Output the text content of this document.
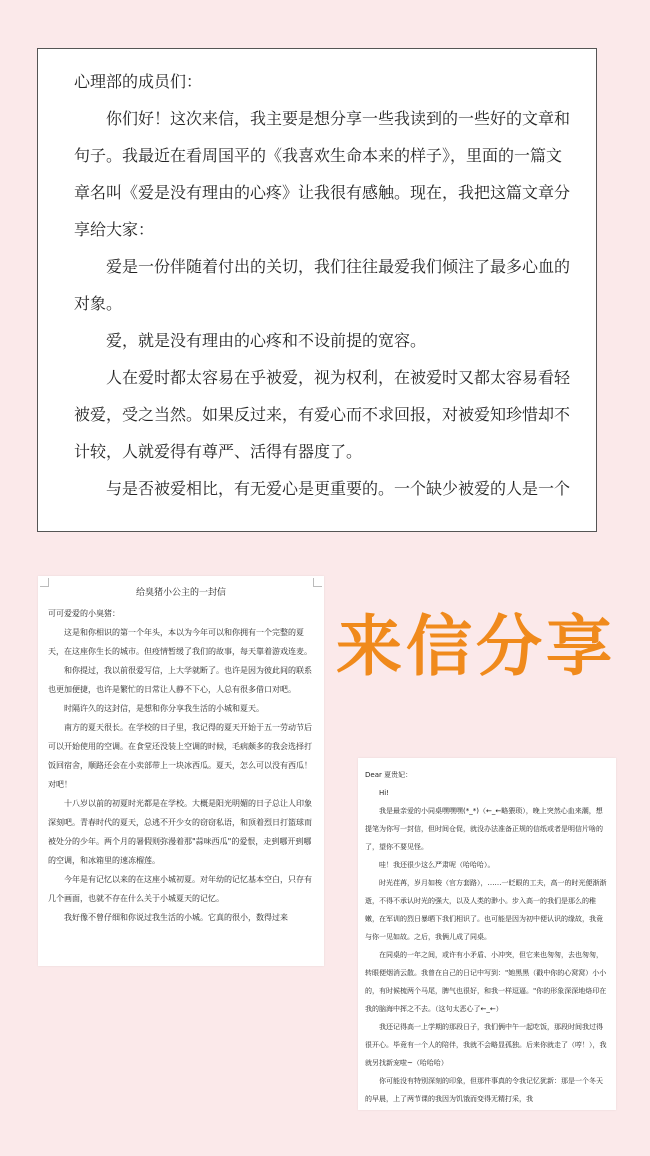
心理部的成员们：

你们好！这次来信，我主要是想分享一些我读到的一些好的文章和句子。我最近在看周国平的《我喜欢生命本来的样子》，里面的一篇文章名叫《爱是没有理由的心疼》让我很有感触。现在，我把这篇文章分享给大家：

爱是一份伴随着付出的关切，我们往往最爱我们倾注了最多心血的对象。

爱，就是没有理由的心疼和不设前提的宽容。

人在爱时都太容易在乎被爱，视为权利，在被爱时又都太容易看轻被爱，受之当然。如果反过来，有爱心而不求回报，对被爱知珍惜却不计较，人就爱得有尊严、活得有器度了。

与是否被爱相比，有无爱心是更重要的。一个缺少被爱的人是一个

给臭猪小公主的一封信

可可爱爱的小臭猪：

这是和你相识的第一个年头，本以为今年可以和你拥有一个完整的夏天，在这座你生长的城市。但疫情暂缓了我们的故事，每天靠着游戏连麦。

和你提过，我以前很爱写信，上大学就断了。也许是因为彼此间的联系也更加便捷，也许是繁忙的日常让人静不下心，人总有很多借口对吧。

时隔许久的这封信，是想和你分享我生活的小城和夏天。

南方的夏天很长。在学校的日子里，我记得的夏天开始于五一劳动节后可以开始使用的空调。在食堂还没装上空调的时候，毛病颇多的我会选择打饭回宿舍，顺路还会在小卖部带上一块冰西瓜。夏天，怎么可以没有西瓜！对吧！

十八岁以前的初夏时光都是在学校。大概是阳光明媚的日子总让人印象深刻吧。青春时代的夏天，总逃不开少女的窃窃私语，和顶着烈日打篮球而被处分的少年。两个月的暑假则弥漫着那"蒜味西瓜"的爱恨，走到哪开到哪的空调，和冰箱里的速冻榴莲。

今年是有记忆以来的在这座小城初夏。对年幼的记忆基本空白，只存有几个画面，也就不存在什么关于小城夏天的记忆。

我好像不曾仔细和你说过我生活的小城。它真的很小，数得过来

来信分享

Dear 夏贵妃：

Hi!

我是最亲爱的小同桌嘿嘿嘿(*_*)（←_←略猥琐），晚上突然心血来潮，想提笔为你写一封信，但时间仓促，就没办法准备正规的信纸或者是明信片啥的了，望你不要见怪。

哇！我还很少这么严肃呢（哈哈哈）。

时光荏苒，岁月如梭（官方套路），……一眨眼的工夫，高一的时光便渐渐逝，不得不承认时光的强大，以及人类的渺小。步入高一的我们是那么的稚嫩，在军训的烈日暴晒下我们相识了。也可能是因为初中便认识的缘故，我竟与你一见如故。之后，我俩儿成了同桌。

在同桌的一年之间，或许有小矛盾、小冲突，但它来也匆匆，去也匆匆，转眼便烟消云散。我曾在自己的日记中写到："她黑黑（戳中你的心窝窝）小小的，有时候梳两个马尾，脾气也很好，和我一样逗逼。"你的形象深深地烙印在我的脑海中挥之不去。（这句太恶心了←_←）

我还记得高一上学期的那段日子，我们俩中午一起吃饭，那段时间我过得很开心。毕竟有一个人的陪伴，我就不会略显孤独。后来你就走了（哼！），我就另找新宠啦~（哈哈哈）

你可能没有特别深刻的印象，但那件事真的令我记忆犹新：那是一个冬天的早晨，上了两节课的我因为饥饿而变得无精打采，我
